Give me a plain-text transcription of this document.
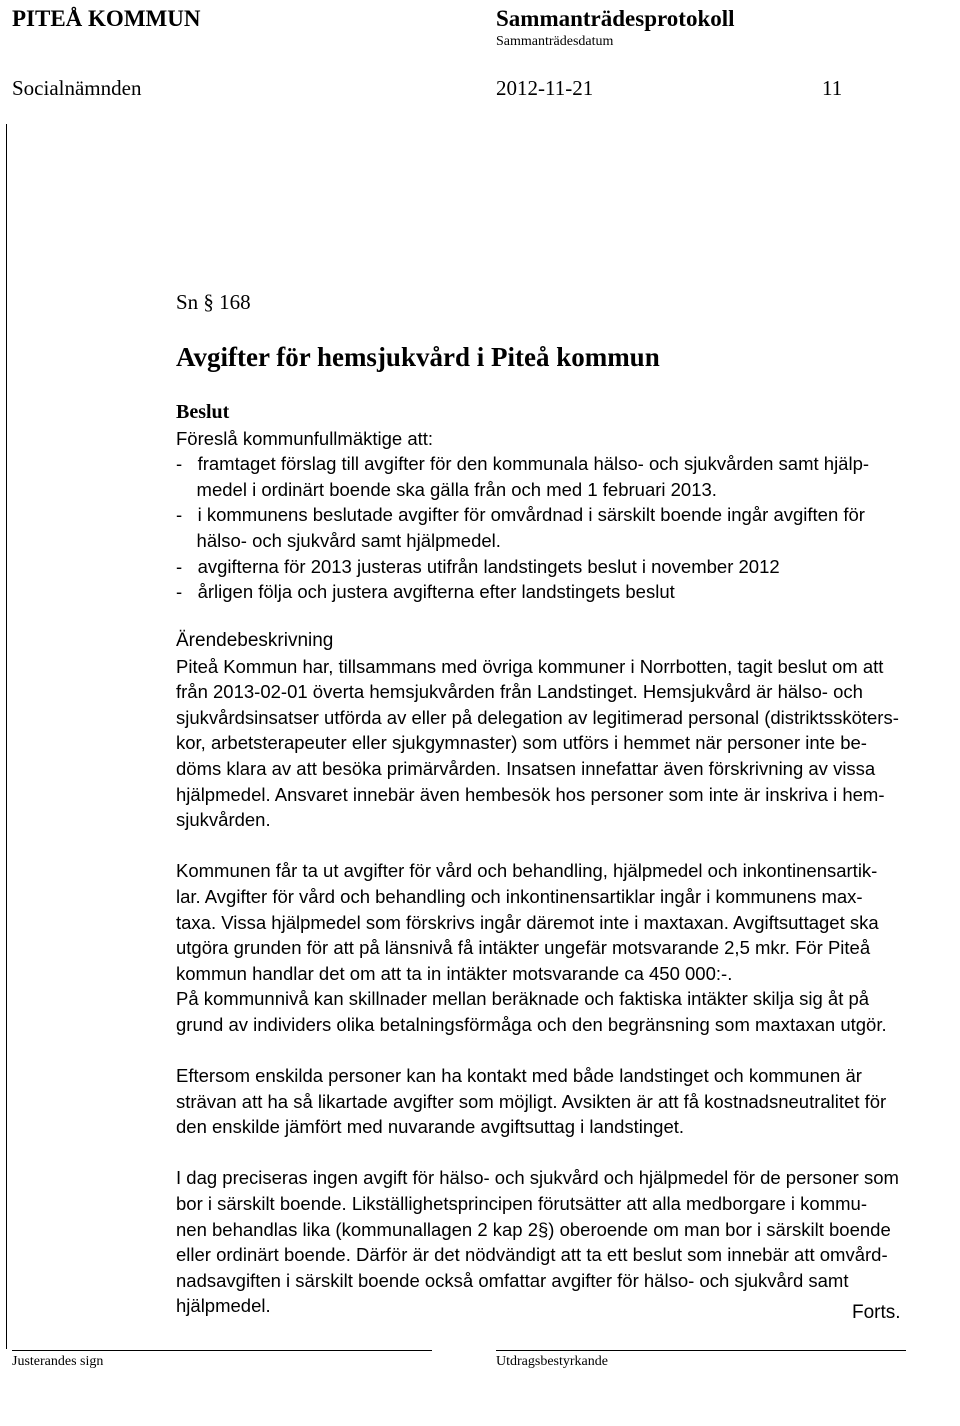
PITEÅ KOMMUN	Sammanträdesprotokoll
Sammanträdesdatum
Socialnämnden	2012-11-21	11
Sn § 168
Avgifter för hemsjukvård i Piteå kommun
Beslut
Föreslå kommunfullmäktige att:
-   framtaget förslag till avgifter för den kommunala hälso- och sjukvården samt hjälp-
medel i ordinärt boende ska gälla från och med 1 februari 2013.
-   i kommunens beslutade avgifter för omvårdnad i särskilt boende ingår avgiften för
hälso- och sjukvård samt hjälpmedel.
-   avgifterna för 2013 justeras utifrån landstingets beslut i november 2012
-   årligen följa och justera avgifterna efter landstingets beslut
Ärendebeskrivning
Piteå Kommun har, tillsammans med övriga kommuner i Norrbotten, tagit beslut om att
från 2013-02-01 överta hemsjukvården från Landstinget. Hemsjukvård är hälso- och
sjukvårdsinsatser utförda av eller på delegation av legitimerad personal (distriktssköters-
kor, arbetsterapeuter eller sjukgymnaster) som utförs i hemmet när personer inte be-
döms klara av att besöka primärvården. Insatsen innefattar även förskrivning av vissa
hjälpmedel. Ansvaret innebär även hembesök hos personer som inte är inskriva i hem-
sjukvården.
Kommunen får ta ut avgifter för vård och behandling, hjälpmedel och inkontinensartik-
lar. Avgifter för vård och behandling och inkontinensartiklar ingår i kommunens max-
taxa. Vissa hjälpmedel som förskrivs ingår däremot inte i maxtaxan. Avgiftsuttaget ska
utgöra grunden för att på länsnivå få intäkter ungefär motsvarande 2,5 mkr. För Piteå
kommun handlar det om att ta in intäkter motsvarande ca 450 000:-.
På kommunnivå kan skillnader mellan beräknade och faktiska intäkter skilja sig åt på
grund av individers olika betalningsförmåga och den begränsning som maxtaxan utgör.
Eftersom enskilda personer kan ha kontakt med både landstinget och kommunen är
strävan att ha så likartade avgifter som möjligt. Avsikten är att få kostnadsneutralitet för
den enskilde jämfört med nuvarande avgiftsuttag i landstinget.
I dag preciseras ingen avgift för hälso- och sjukvård och hjälpmedel för de personer som
bor i särskilt boende. Likställighetsprincipen förutsätter att alla medborgare i kommu-
nen behandlas lika (kommunallagen 2 kap 2§) oberoende om man bor i särskilt boende
eller ordinärt boende. Därför är det nödvändigt att ta ett beslut som innebär att omvård-
nadsavgiften i särskilt boende också omfattar avgifter för hälso- och sjukvård samt
hjälpmedel.	Forts.
Justerandes sign	Utdragsbestyrkande
